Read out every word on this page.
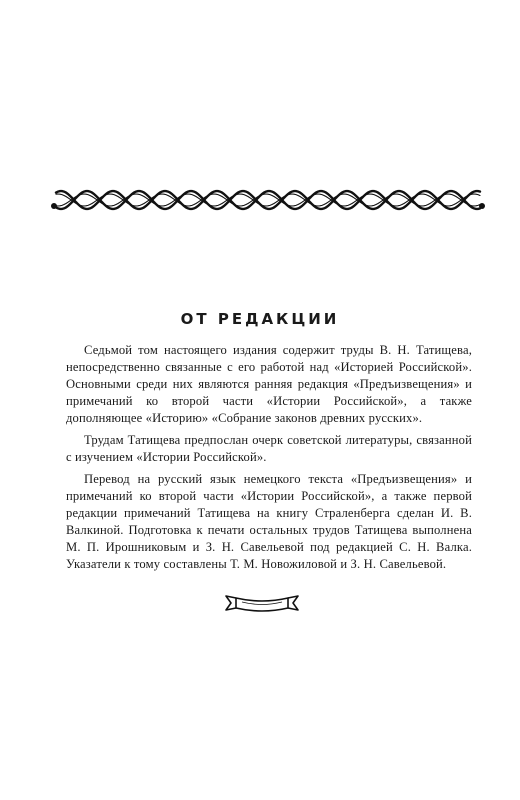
ОТ РЕДАКЦИИ

Седьмой том настоящего издания содержит труды В. Н. Татищева, непосредственно связанные с его работой над «Историей Российской». Основными среди них являются ранняя редакция «Предъизвещения» и примечаний ко второй части «Истории Российской», а также дополняющее «Историю» «Собрание законов древних русских».

Трудам Татищева предпослан очерк советской литературы, связанной с изучением «Истории Российской».

Перевод на русский язык немецкого текста «Предъизвещения» и примечаний ко второй части «Истории Российской», а также первой редакции примечаний Татищева на книгу Страленберга сделан И. В. Валкиной. Подготовка к печати остальных трудов Татищева выполнена М. П. Ирошниковым и З. Н. Савельевой под редакцией С. Н. Валка. Указатели к тому составлены Т. М. Новожиловой и З. Н. Савельевой.
